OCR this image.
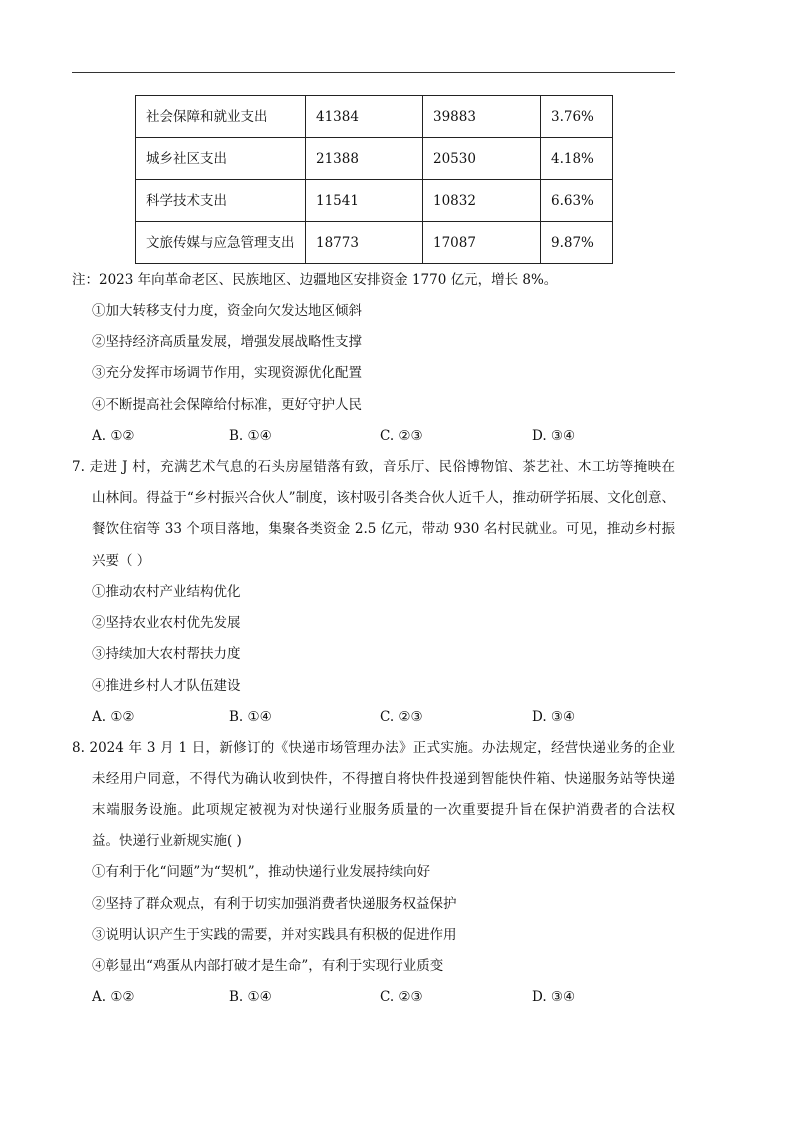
社会保障和就业支出	41384	39883	3.76%
城乡社区支出	21388	20530	4.18%
科学技术支出	11541	10832	6.63%
文旅传媒与应急管理支出	18773	17087	9.87%
注：2023 年向革命老区、民族地区、边疆地区安排资金 1770 亿元，增长 8%。
①加大转移支付力度，资金向欠发达地区倾斜
②坚持经济高质量发展，增强发展战略性支撑
③充分发挥市场调节作用，实现资源优化配置
④不断提高社会保障给付标准，更好守护人民
A. ①②	B. ①④	C. ②③	D. ③④
7. 走进 J 村，充满艺术气息的石头房屋错落有致，音乐厅、民俗博物馆、茶艺社、木工坊等掩映在
山林间。得益于“乡村振兴合伙人”制度，该村吸引各类合伙人近千人，推动研学拓展、文化创意、
餐饮住宿等 33 个项目落地，集聚各类资金 2.5 亿元，带动 930 名村民就业。可见，推动乡村振
兴要（ ）
①推动农村产业结构优化
②坚持农业农村优先发展
③持续加大农村帮扶力度
④推进乡村人才队伍建设
A. ①②	B. ①④	C. ②③	D. ③④
8. 2024 年 3 月 1 日，新修订的《快递市场管理办法》正式实施。办法规定，经营快递业务的企业
未经用户同意，不得代为确认收到快件，不得擅自将快件投递到智能快件箱、快递服务站等快递
末端服务设施。此项规定被视为对快递行业服务质量的一次重要提升旨在保护消费者的合法权
益。快递行业新规实施( )
①有利于化“问题”为“契机”，推动快递行业发展持续向好
②坚持了群众观点，有利于切实加强消费者快递服务权益保护
③说明认识产生于实践的需要，并对实践具有积极的促进作用
④彰显出“鸡蛋从内部打破才是生命”，有利于实现行业质变
A. ①②	B. ①④	C. ②③	D. ③④
